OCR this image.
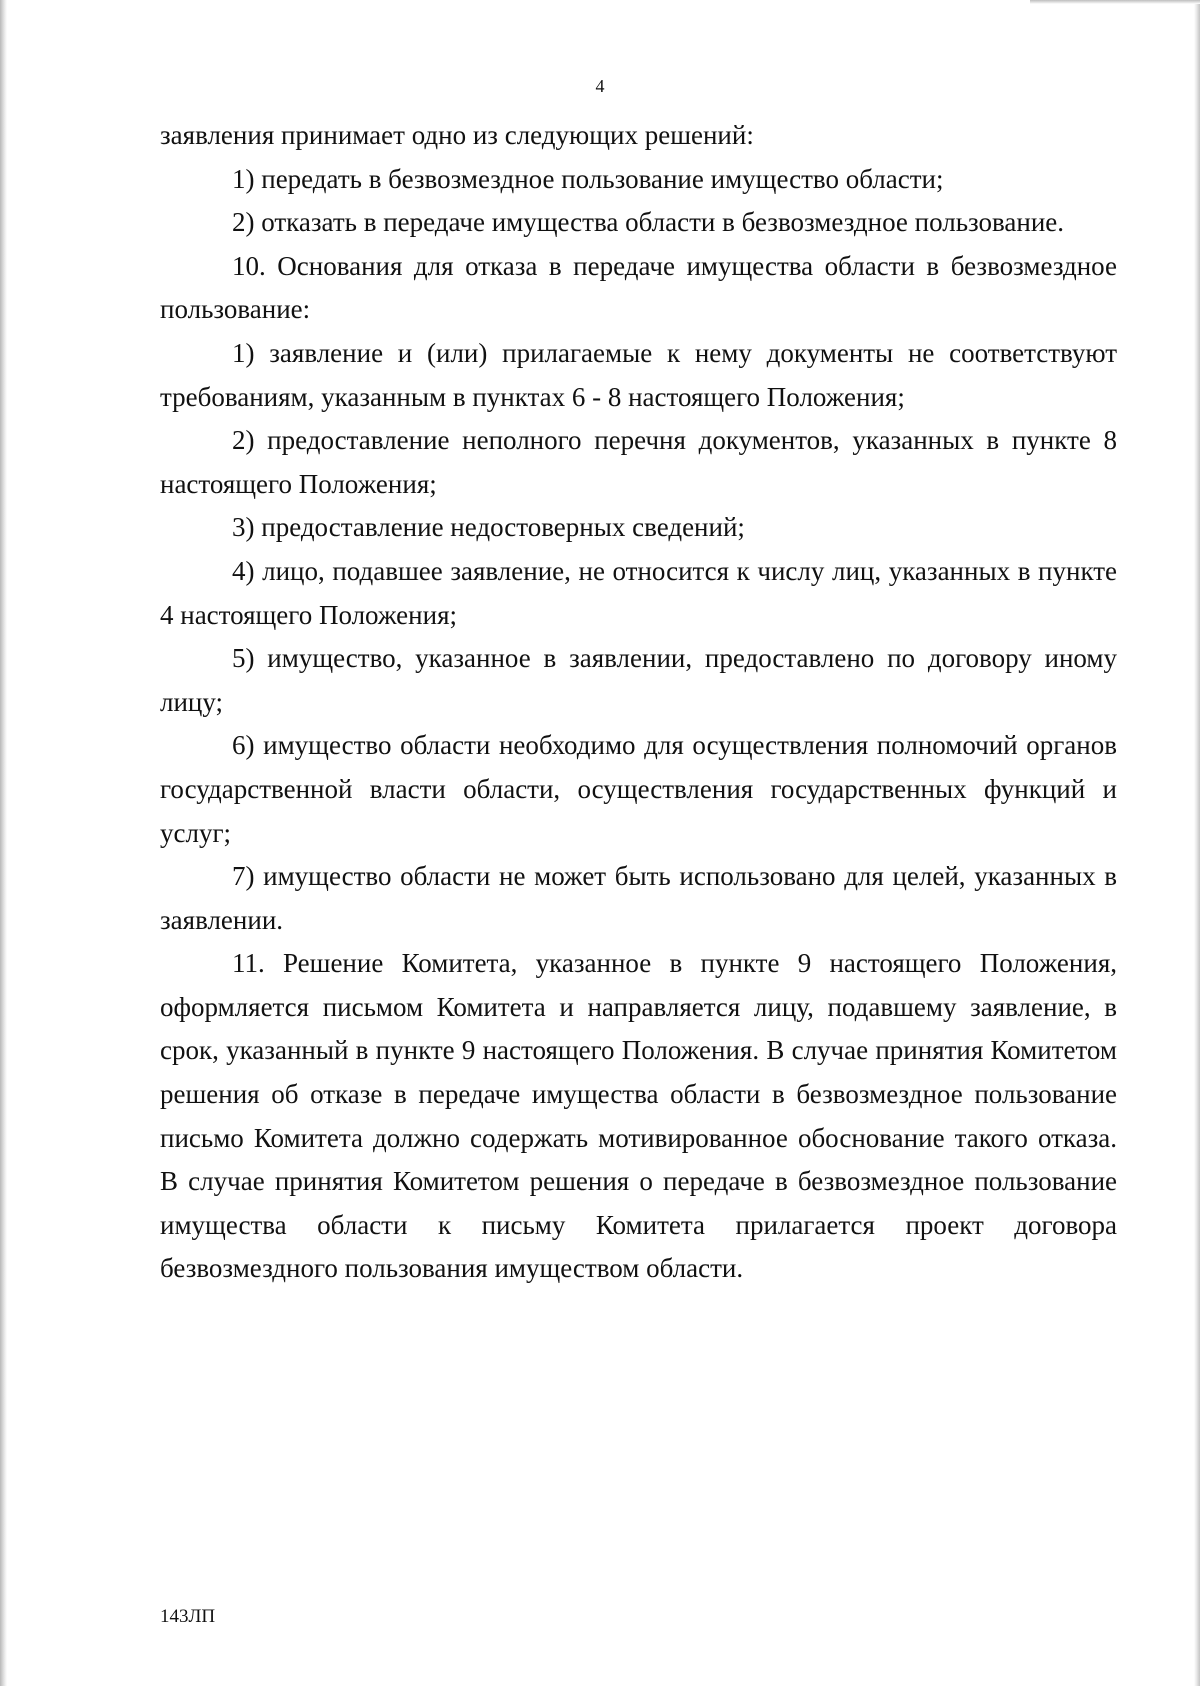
4

заявления принимает одно из следующих решений:

1) передать в безвозмездное пользование имущество области;

2) отказать в передаче имущества области в безвозмездное пользование.

10. Основания для отказа в передаче имущества области в безвозмездное пользование:

1) заявление и (или) прилагаемые к нему документы не соответствуют требованиям, указанным в пунктах 6 - 8 настоящего Положения;

2) предоставление неполного перечня документов, указанных в пункте 8 настоящего Положения;

3) предоставление недостоверных сведений;

4) лицо, подавшее заявление, не относится к числу лиц, указанных в пункте 4 настоящего Положения;

5) имущество, указанное в заявлении, предоставлено по договору иному лицу;

6) имущество области необходимо для осуществления полномочий органов государственной власти области, осуществления государственных функций и услуг;

7) имущество области не может быть использовано для целей, указанных в заявлении.

11. Решение Комитета, указанное в пункте 9 настоящего Положения, оформляется письмом Комитета и направляется лицу, подавшему заявление, в срок, указанный в пункте 9 настоящего Положения. В случае принятия Комитетом решения об отказе в передаче имущества области в безвозмездное пользование письмо Комитета должно содержать мотивированное обоснование такого отказа. В случае принятия Комитетом решения о передаче в безвозмездное пользование имущества области к письму Комитета прилагается проект договора безвозмездного пользования имуществом области.

143ЛП
